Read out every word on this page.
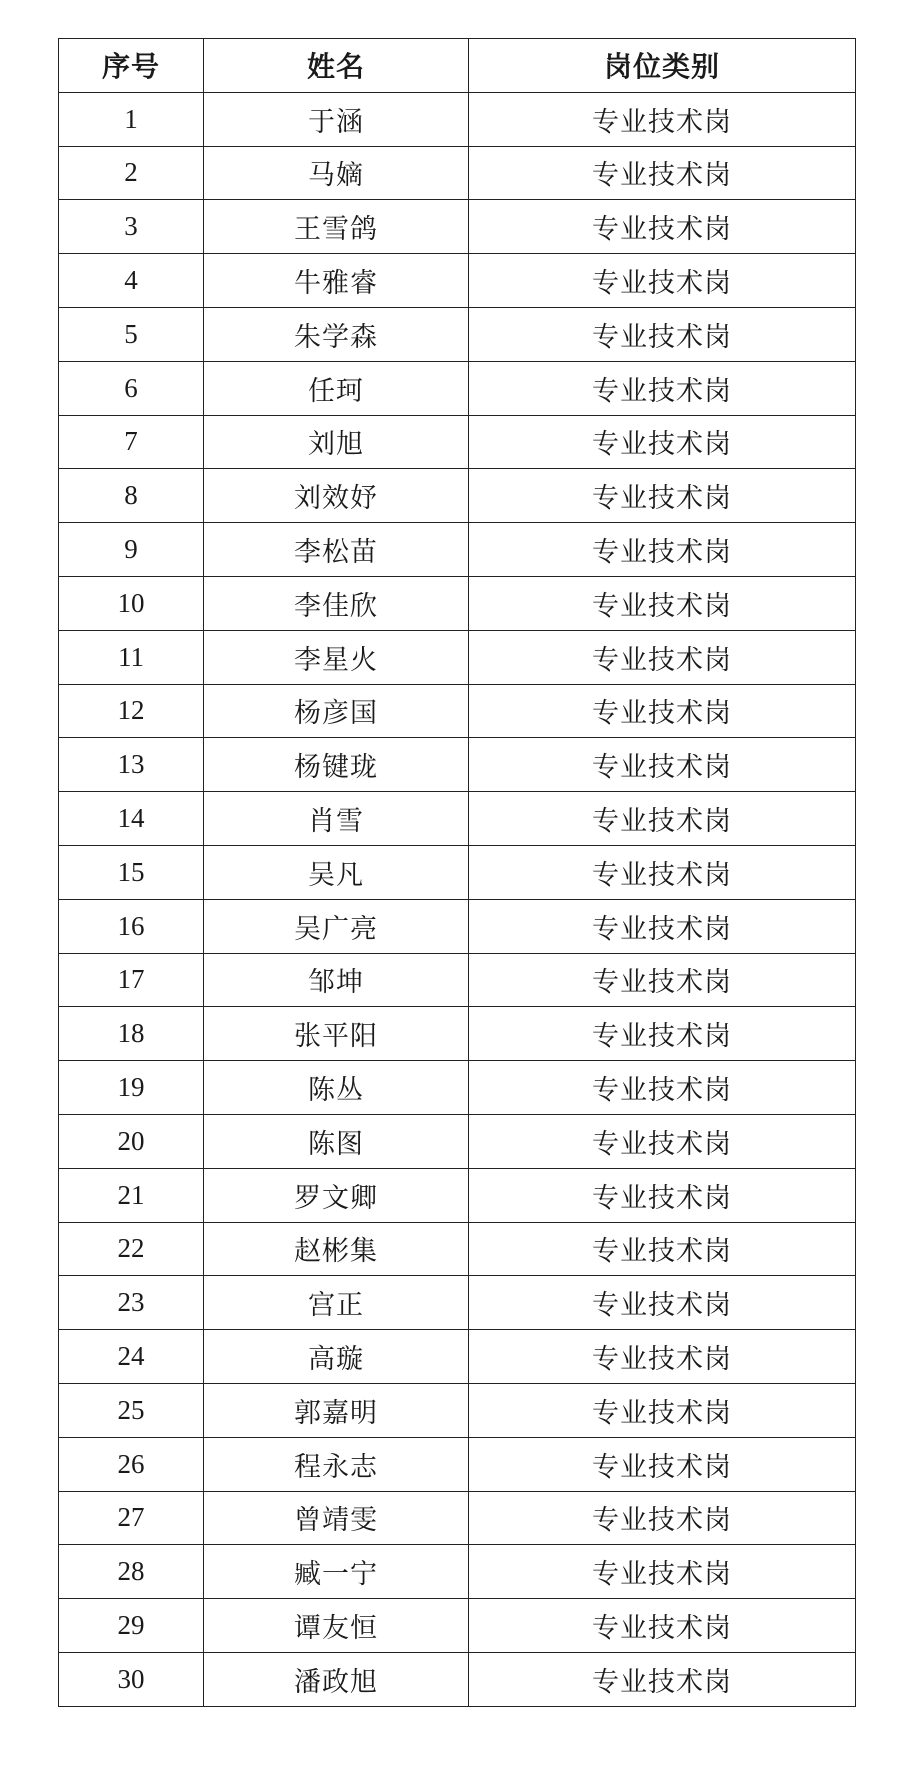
序号	姓名	岗位类别
1	于涵	专业技术岗
2	马嫡	专业技术岗
3	王雪鸽	专业技术岗
4	牛雅睿	专业技术岗
5	朱学森	专业技术岗
6	任珂	专业技术岗
7	刘旭	专业技术岗
8	刘效妤	专业技术岗
9	李松苗	专业技术岗
10	李佳欣	专业技术岗
11	李星火	专业技术岗
12	杨彦国	专业技术岗
13	杨键珑	专业技术岗
14	肖雪	专业技术岗
15	吴凡	专业技术岗
16	吴广亮	专业技术岗
17	邹坤	专业技术岗
18	张平阳	专业技术岗
19	陈丛	专业技术岗
20	陈图	专业技术岗
21	罗文卿	专业技术岗
22	赵彬集	专业技术岗
23	宫正	专业技术岗
24	高璇	专业技术岗
25	郭嘉明	专业技术岗
26	程永志	专业技术岗
27	曾靖雯	专业技术岗
28	臧一宁	专业技术岗
29	谭友恒	专业技术岗
30	潘政旭	专业技术岗
